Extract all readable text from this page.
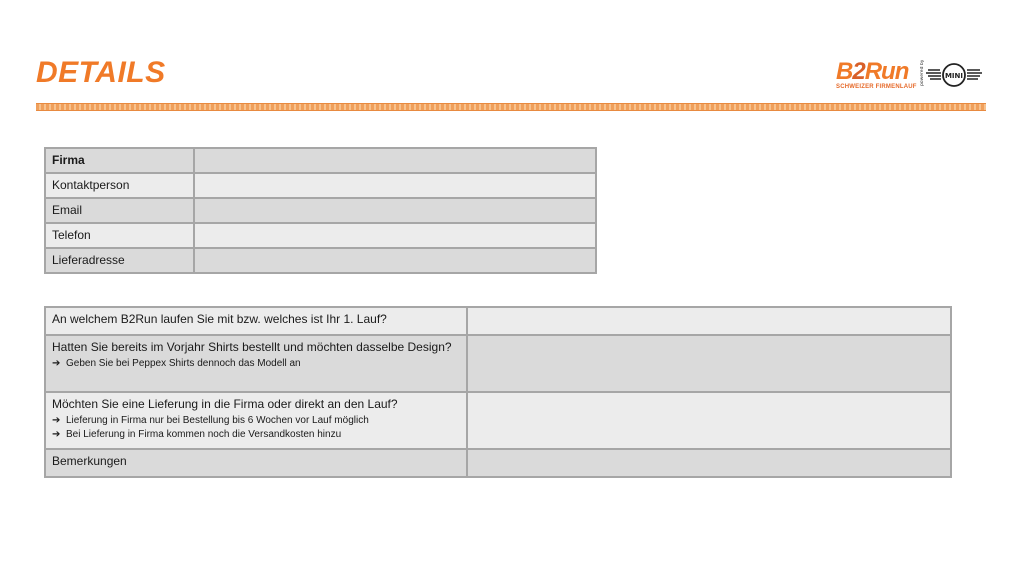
DETAILS	B2Run
SCHWEIZER FIRMENLAUF
powered by	MINI
Firma	
Kontaktperson	
Email	
Telefon	
Lieferadresse	
An welchem B2Run laufen Sie mit bzw. welches ist Ihr 1. Lauf?	
Hatten Sie bereits im Vorjahr Shirts bestellt und möchten dasselbe Design?
➔ Geben Sie bei Peppex Shirts dennoch das Modell an	

Möchten Sie eine Lieferung in die Firma oder direkt an den Lauf?
➔ Lieferung in Firma nur bei Bestellung bis 6 Wochen vor Lauf möglich
➔ Bei Lieferung in Firma kommen noch die Versandkosten hinzu	

Bemerkungen	
